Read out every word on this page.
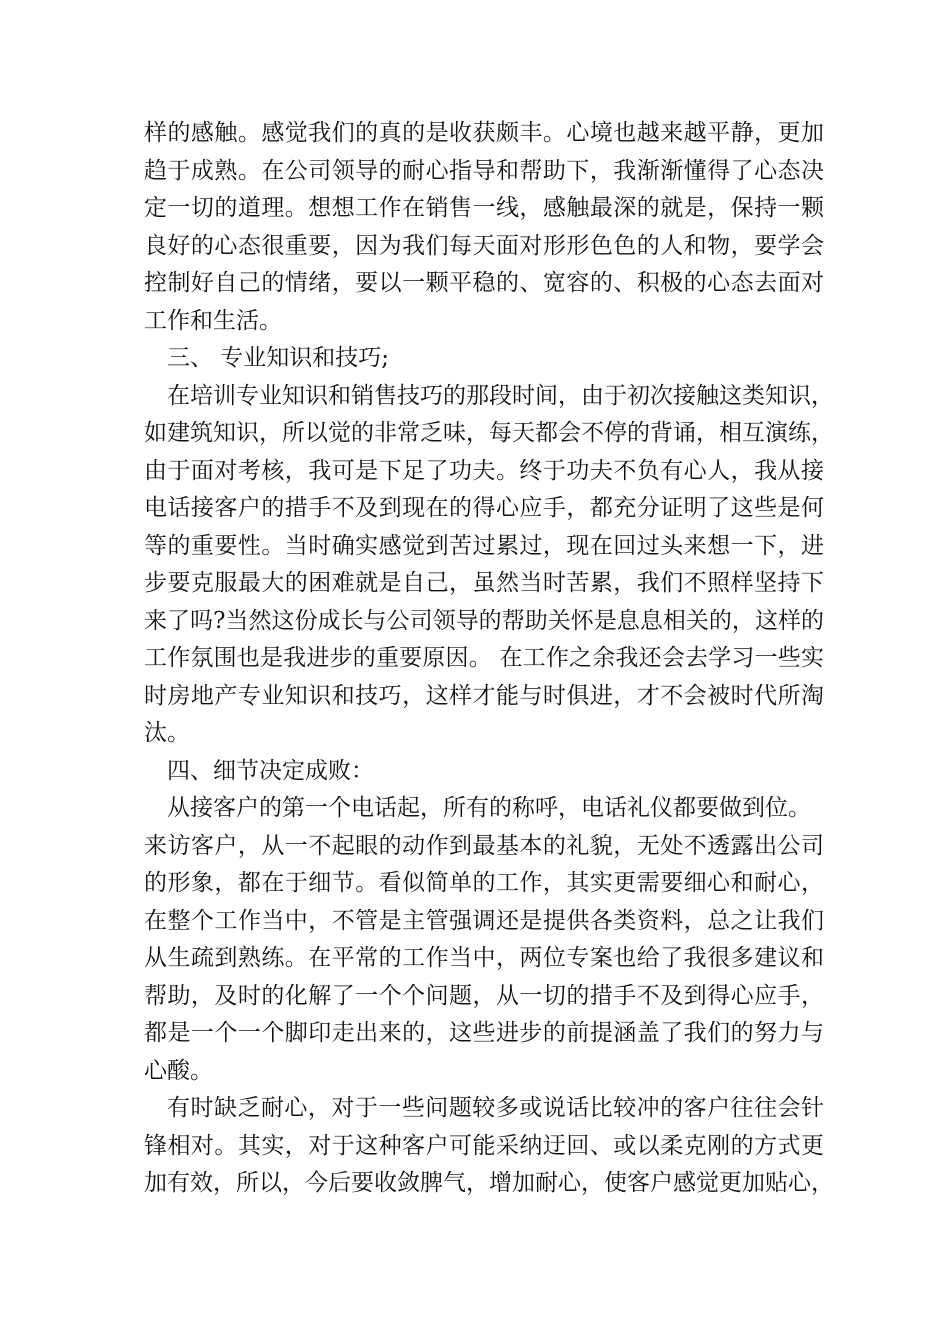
样的感触。感觉我们的真的是收获颇丰。心境也越来越平静，更加
趋于成熟。在公司领导的耐心指导和帮助下，我渐渐懂得了心态决
定一切的道理。想想工作在销售一线，感触最深的就是，保持一颗
良好的心态很重要，因为我们每天面对形形色色的人和物，要学会
控制好自己的情绪，要以一颗平稳的、宽容的、积极的心态去面对
工作和生活。
三、 专业知识和技巧;
在培训专业知识和销售技巧的那段时间，由于初次接触这类知识，
如建筑知识，所以觉的非常乏味，每天都会不停的背诵，相互演练，
由于面对考核，我可是下足了功夫。终于功夫不负有心人，我从接
电话接客户的措手不及到现在的得心应手，都充分证明了这些是何
等的重要性。当时确实感觉到苦过累过，现在回过头来想一下，进
步要克服最大的困难就是自己，虽然当时苦累，我们不照样坚持下
来了吗?当然这份成长与公司领导的帮助关怀是息息相关的，这样的
工作氛围也是我进步的重要原因。 在工作之余我还会去学习一些实
时房地产专业知识和技巧，这样才能与时俱进，才不会被时代所淘
汰。
四、细节决定成败：
从接客户的第一个电话起，所有的称呼，电话礼仪都要做到位。
来访客户，从一不起眼的动作到最基本的礼貌，无处不透露出公司
的形象，都在于细节。看似简单的工作，其实更需要细心和耐心，
在整个工作当中，不管是主管强调还是提供各类资料，总之让我们
从生疏到熟练。在平常的工作当中，两位专案也给了我很多建议和
帮助，及时的化解了一个个问题，从一切的措手不及到得心应手，
都是一个一个脚印走出来的，这些进步的前提涵盖了我们的努力与
心酸。
有时缺乏耐心，对于一些问题较多或说话比较冲的客户往往会针
锋相对。其实，对于这种客户可能采纳迂回、或以柔克刚的方式更
加有效，所以，今后要收敛脾气，增加耐心，使客户感觉更加贴心，
